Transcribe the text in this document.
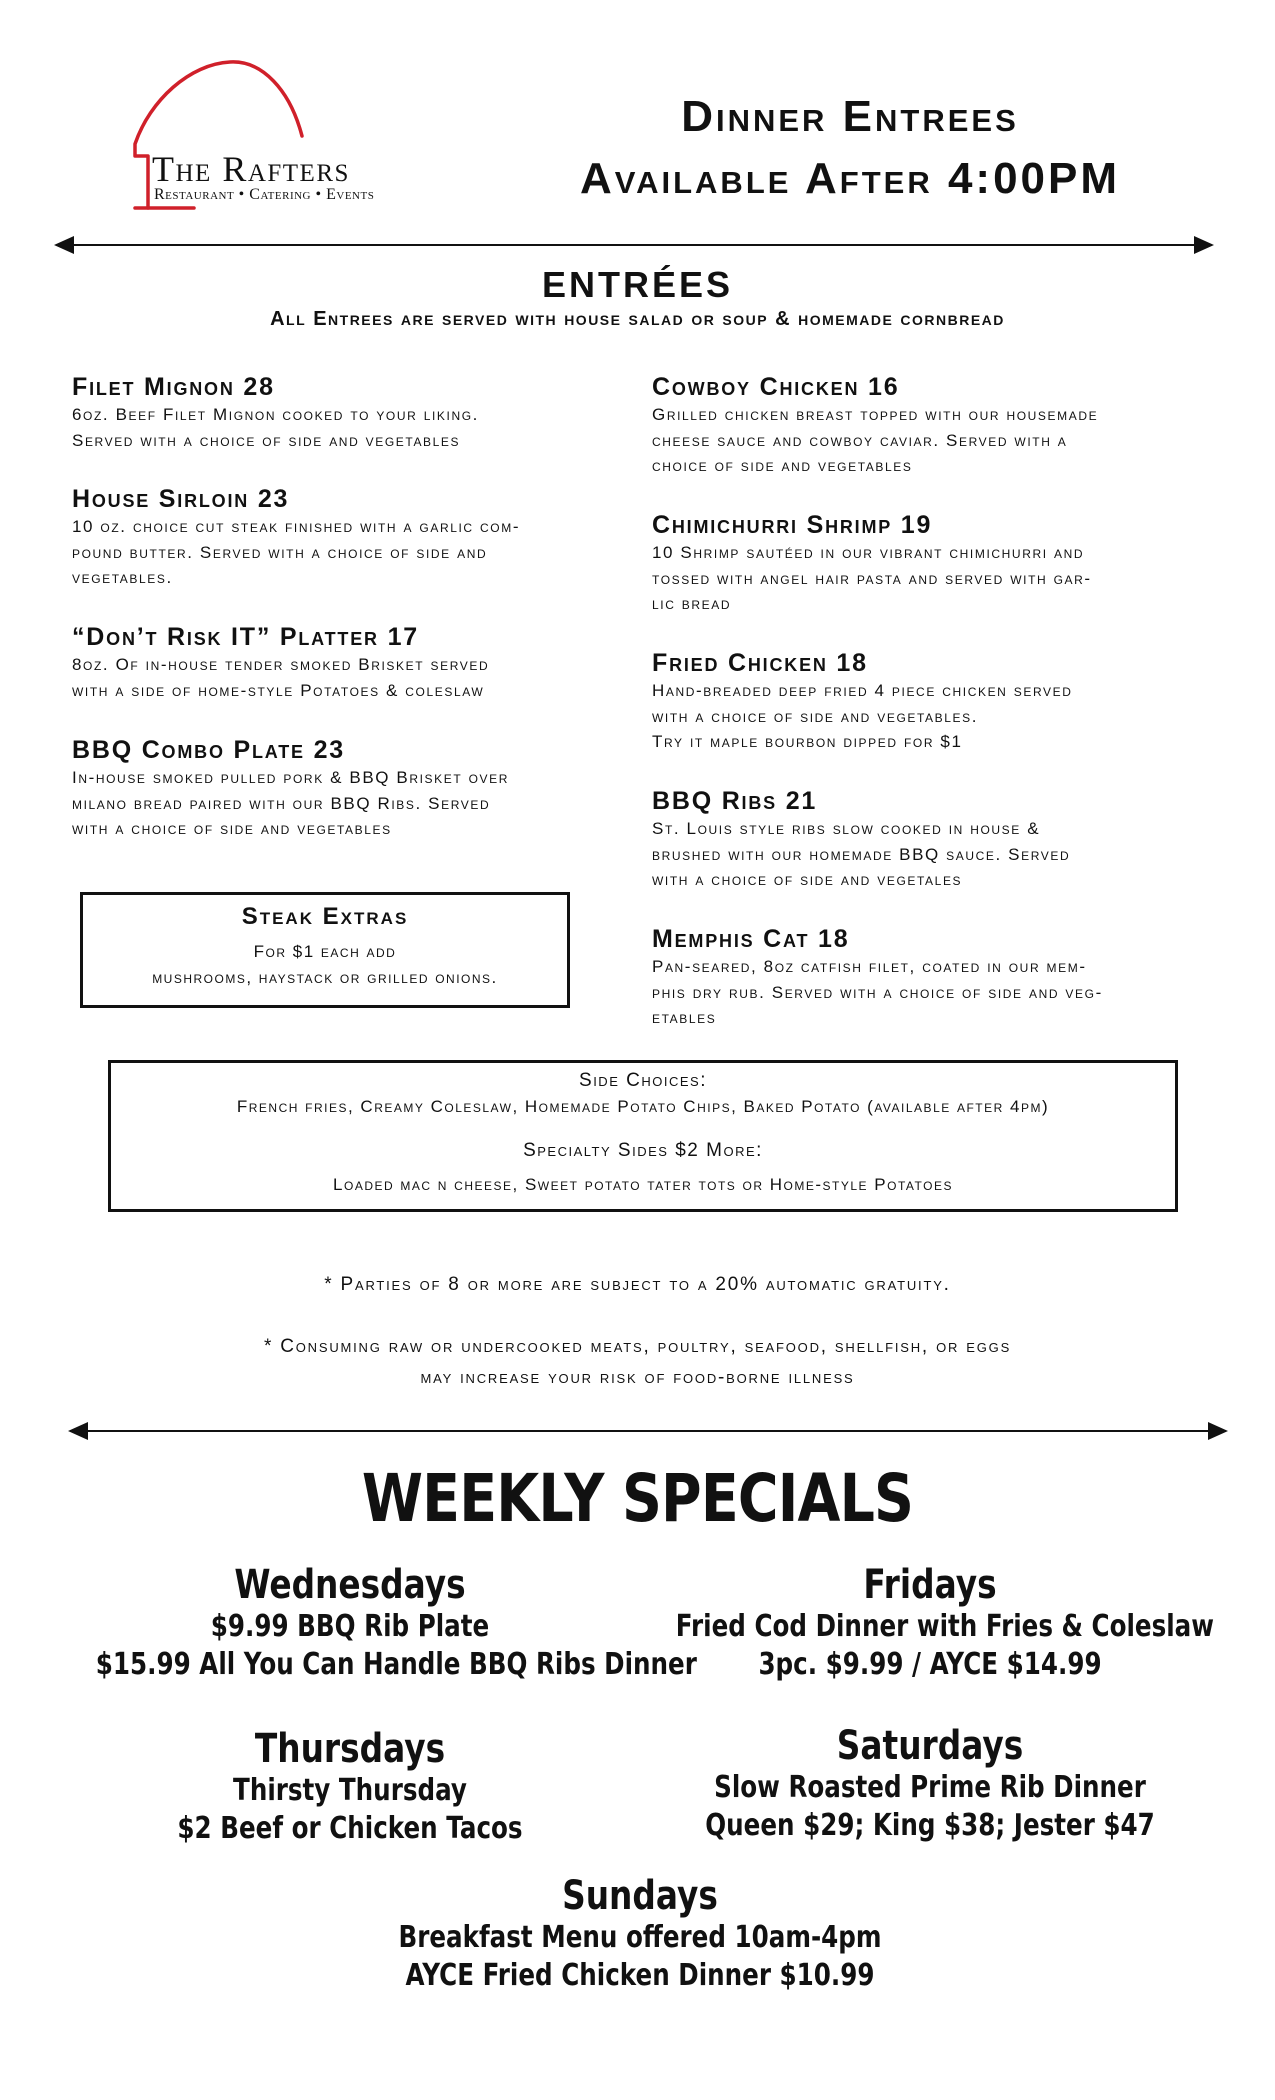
The Rafters
Restaurant • Catering • Events
Dinner Entrees
Available After 4:00PM
ENTRÉES
All Entrees are served with house salad or soup & homemade cornbread
Filet Mignon 28
6oz. Beef Filet Mignon cooked to your liking.
Served with a choice of side and vegetables
House Sirloin 23
10 oz. choice cut steak finished with a garlic com-
pound butter. Served with a choice of side and
vegetables.
“Don’t Risk IT” Platter 17
8oz. Of in-house tender smoked Brisket served
with a side of home-style Potatoes & coleslaw
BBQ Combo Plate 23
In-house smoked pulled pork & BBQ Brisket over
milano bread paired with our BBQ Ribs. Served
with a choice of side and vegetables
Cowboy Chicken 16
Grilled chicken breast topped with our housemade
cheese sauce and cowboy caviar. Served with a
choice of side and vegetables
Chimichurri Shrimp 19
10 Shrimp sautéed in our vibrant chimichurri and
tossed with angel hair pasta and served with gar-
lic bread
Fried Chicken 18
Hand-breaded deep fried 4 piece chicken served
with a choice of side and vegetables.
Try it maple bourbon dipped for $1
BBQ Ribs 21
St. Louis style ribs slow cooked in house &
brushed with our homemade BBQ sauce. Served
with a choice of side and vegetales
Memphis Cat 18
Pan-seared, 8oz catfish filet, coated in our mem-
phis dry rub. Served with a choice of side and veg-
etables
Steak Extras
For $1 each add
mushrooms, haystack or grilled onions.
Side Choices:
French fries, Creamy Coleslaw, Homemade Potato Chips, Baked Potato (available after 4pm)
Specialty Sides $2 More:
Loaded mac n cheese, Sweet potato tater tots or Home-style Potatoes
* Parties of 8 or more are subject to a 20% automatic gratuity.
* Consuming raw or undercooked meats, poultry, seafood, shellfish, or eggs
may increase your risk of food-borne illness
WEEKLY SPECIALS
Wednesdays
$9.99 BBQ Rib Plate
$15.99 All You Can Handle BBQ Ribs Dinner
Fridays
Fried Cod Dinner with Fries & Coleslaw
3pc. $9.99 / AYCE $14.99
Thursdays
Thirsty Thursday
$2 Beef or Chicken Tacos
Saturdays
Slow Roasted Prime Rib Dinner
Queen $29; King $38; Jester $47
Sundays
Breakfast Menu offered 10am-4pm
AYCE Fried Chicken Dinner $10.99
